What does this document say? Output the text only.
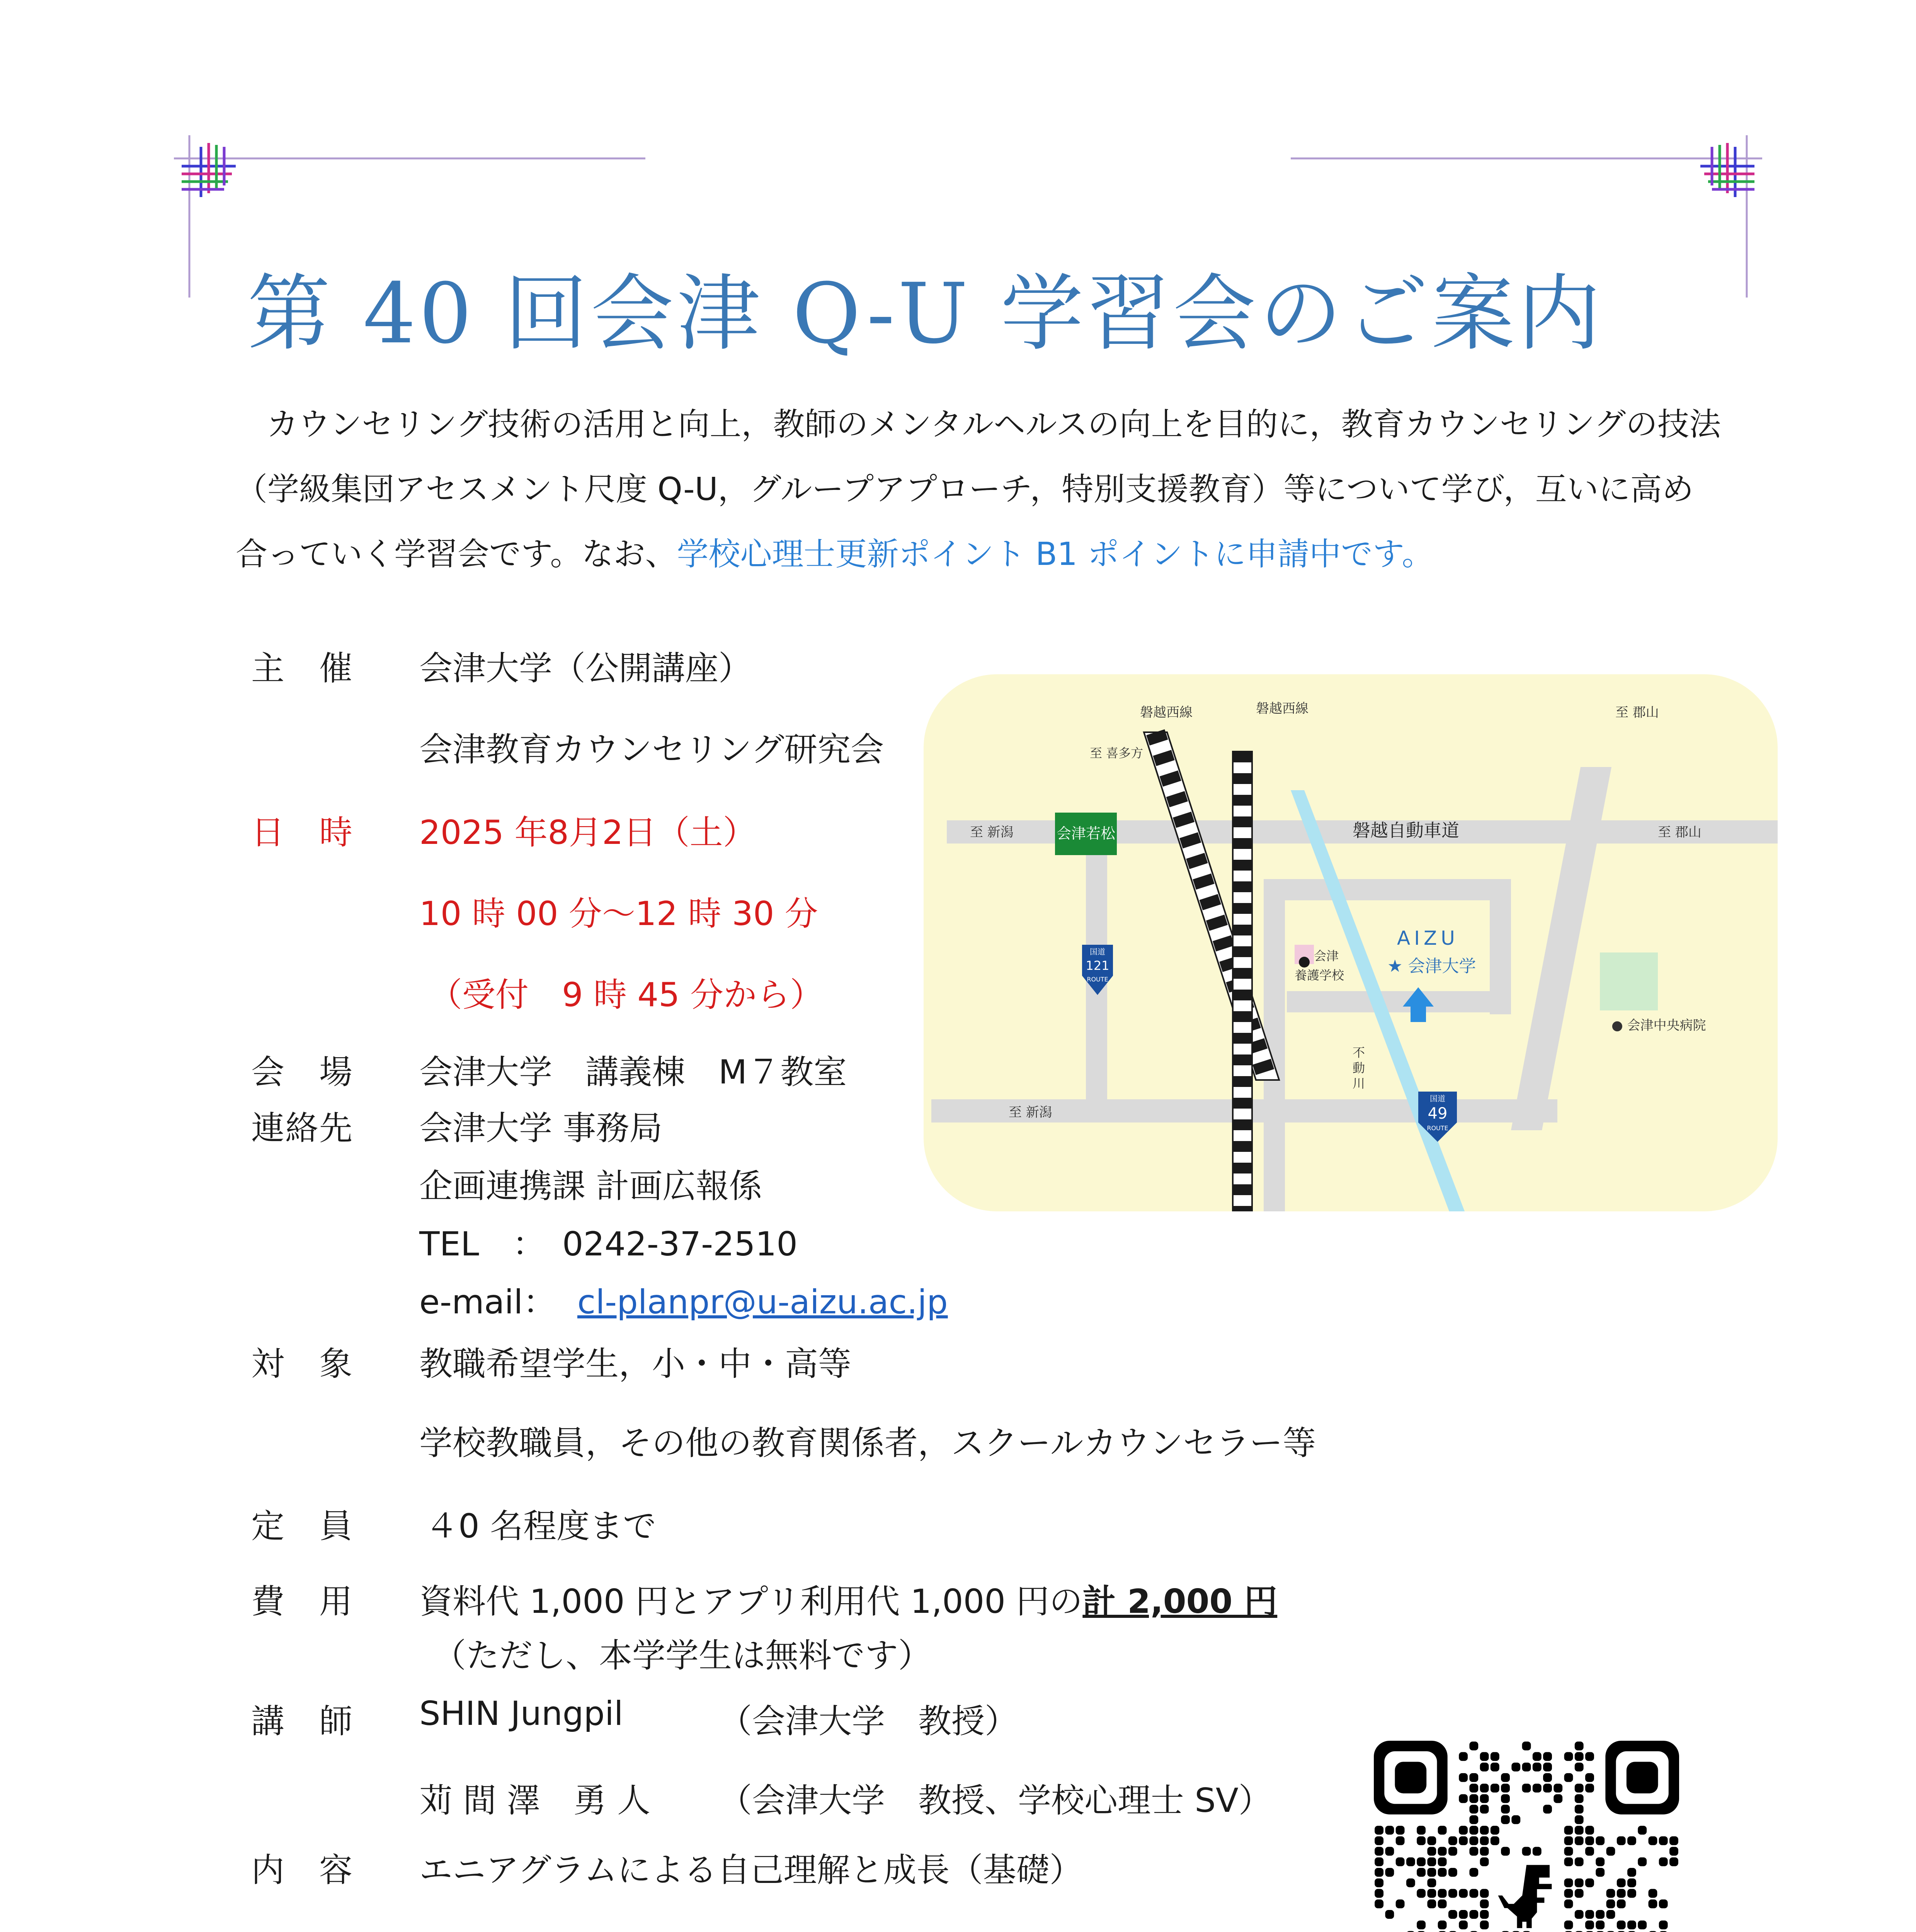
第 40 回会津 Q-U 学習会のご案内
カウンセリング技術の活用と向上，教師のメンタルヘルスの向上を目的に，教育カウンセリングの技法
（学級集団アセスメント尺度 Q-U，グループアプローチ，特別支援教育）等について学び，互いに高め
合っていく学習会です。なお、学校心理士更新ポイント B1 ポイントに申請中です。
主　催 会津大学（公開講座）
会津教育カウンセリング研究会
日　時 2025 年8月2日（土）
10 時 00 分～12 時 30 分
（受付　9 時 45 分から）
会　場 会津大学　講義棟　M７教室
連絡先 会津大学 事務局
企画連携課 計画広報係
TEL　：　0242-37-2510
e-mail： cl-planpr@u-aizu.ac.jp
対　象 教職希望学生，小・中・高等
学校教職員，その他の教育関係者，スクールカウンセラー等
定　員 ４0 名程度まで
費　用 資料代 1,000 円とアプリ利用代 1,000 円の計 2,000 円
（ただし、本学学生は無料です）
講　師 SHIN Jungpil	（会津大学　教授）
苅 間 澤　勇 人 （会津大学　教授、学校心理士 SV）
内　容 エニアグラムによる自己理解と成長（基礎）
会津若松
至 新潟	至 郡山
磐越自動車道
至 新潟
至 郡山
至 喜多方
磐越西線	磐越西線
国道
121
ROUTE
国道
49
ROUTE
AIZU
★ 会津大学
会津
養護学校
● 会津中央病院
不
動
川
